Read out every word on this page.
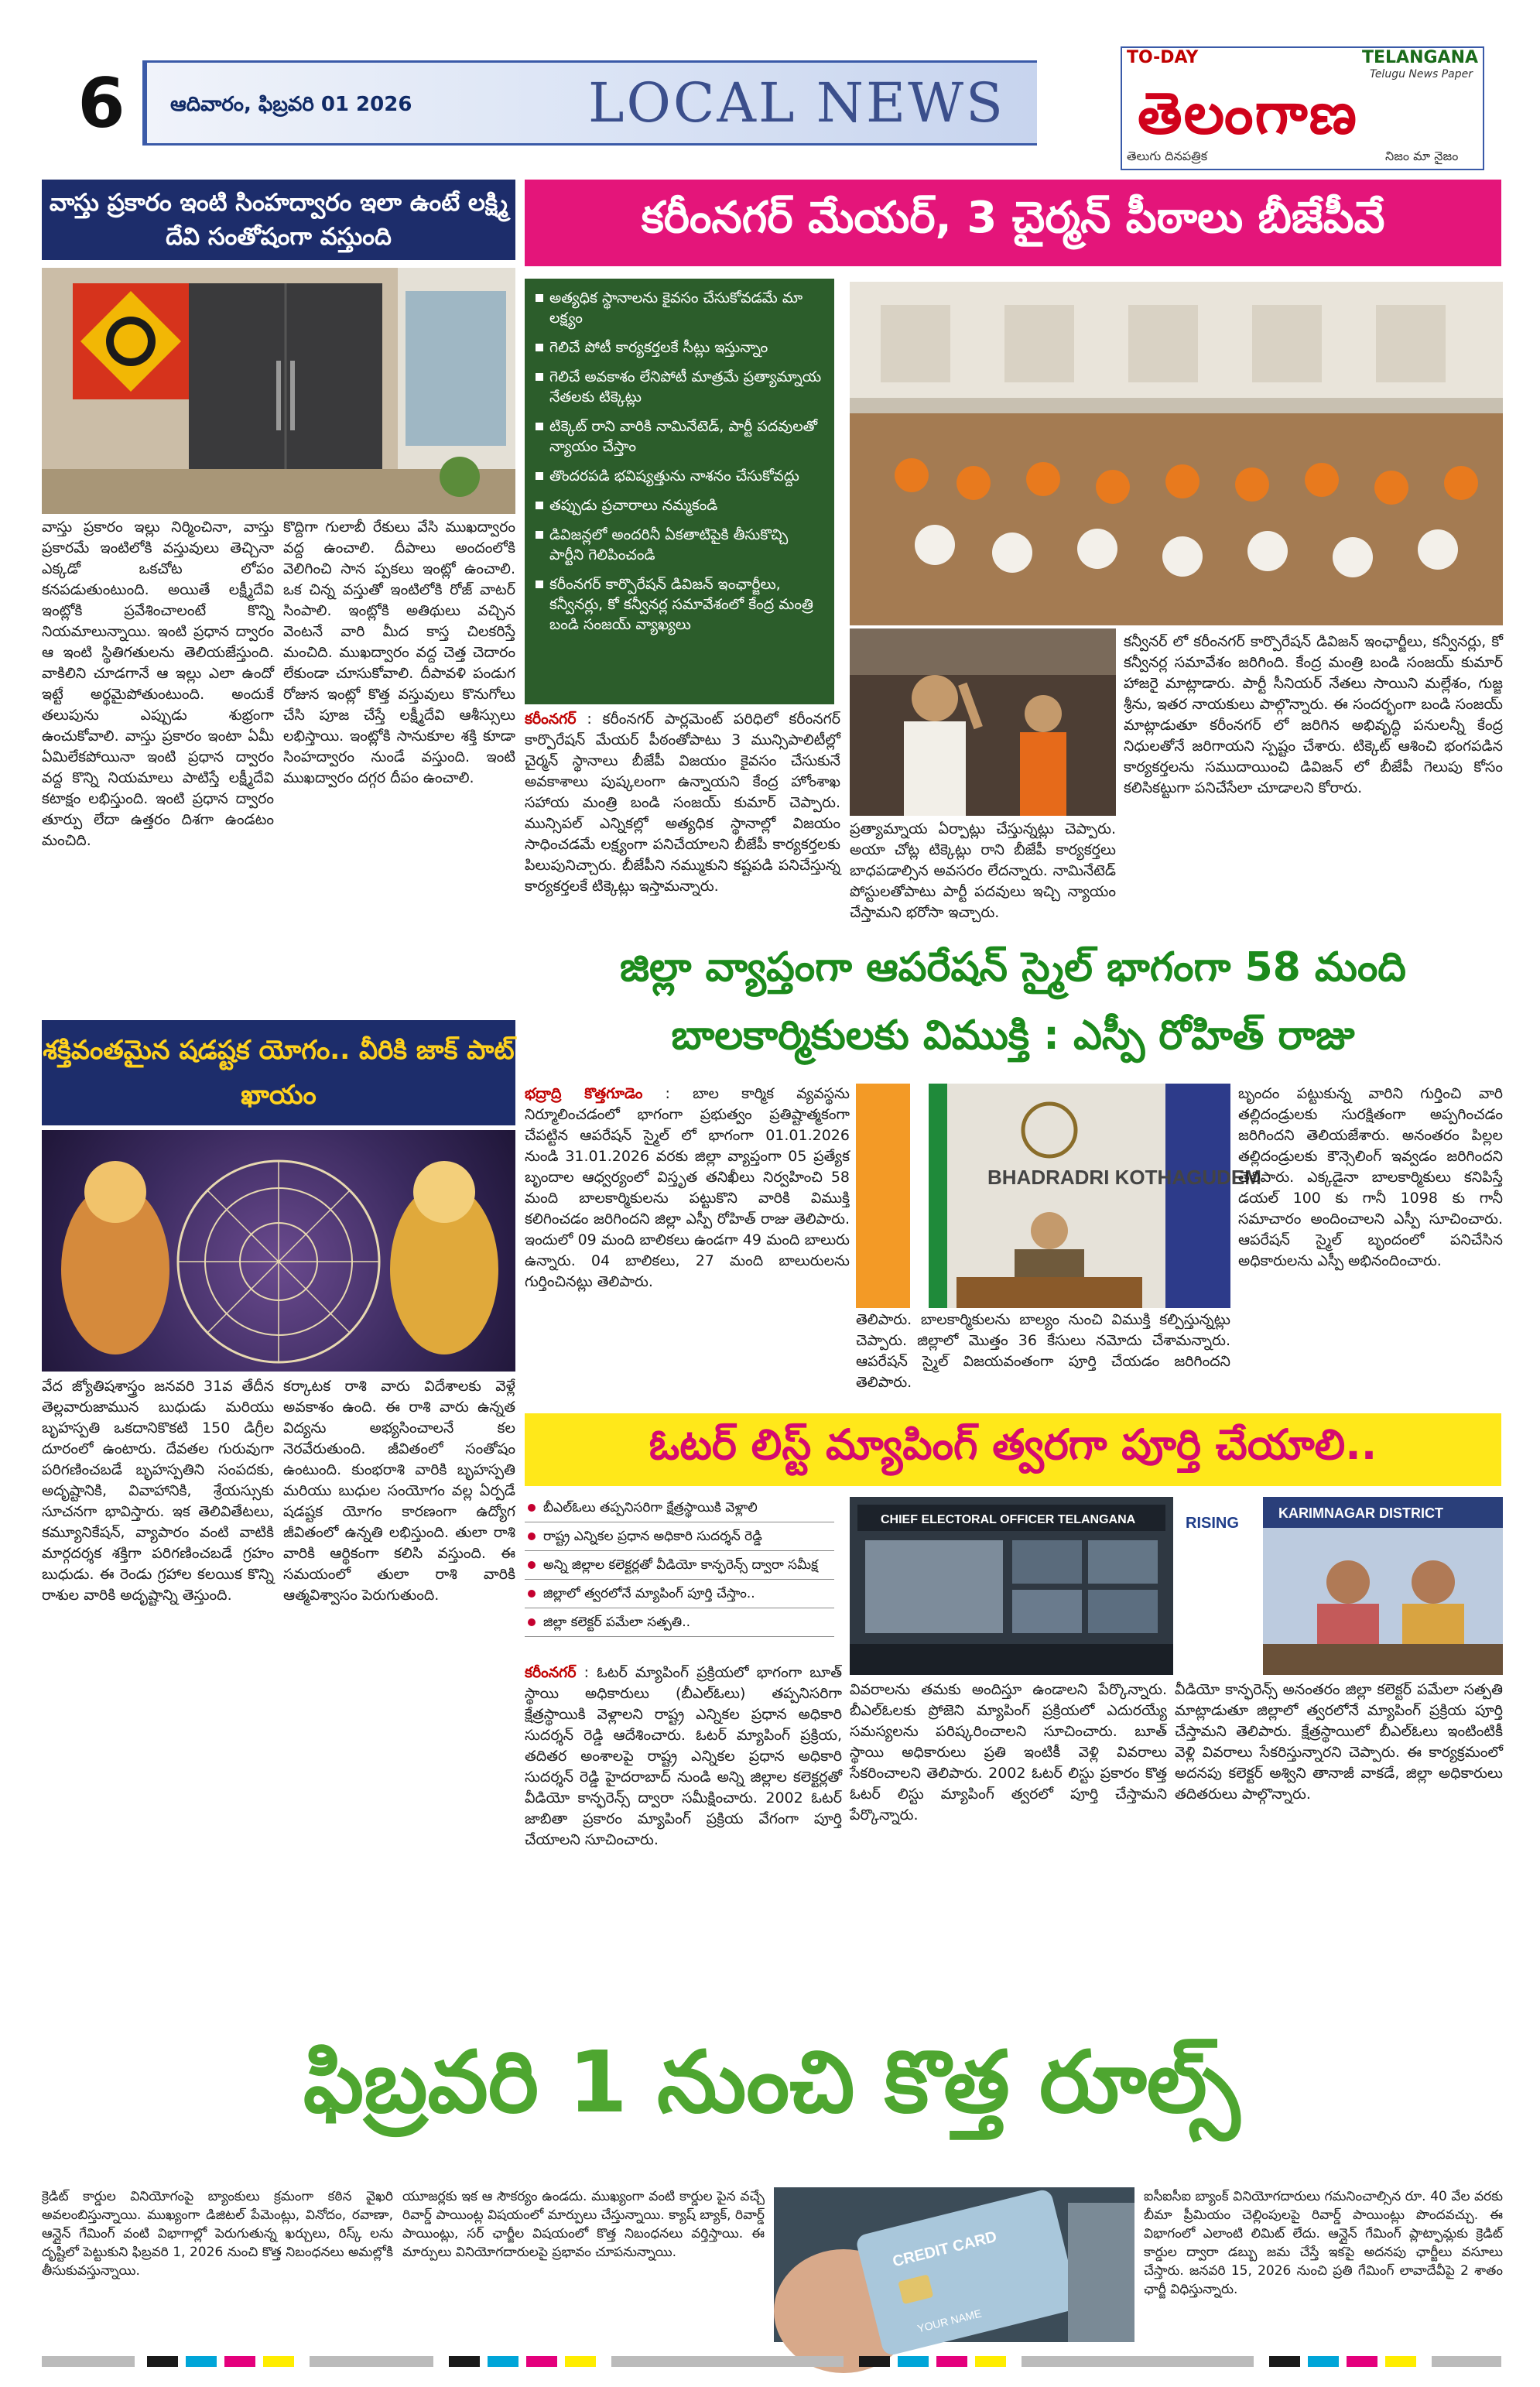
6	ఆదివారం, ఫిబ్రవరి 01 2026	LOCAL NEWS
TO-DAY	TELANGANA
Telugu News Paper
తెలంగాణ
తెలుగు దినపత్రిక	నిజం మా నైజం
వాస్తు ప్రకారం ఇంటి సింహద్వారం ఇలా ఉంటే లక్ష్మి దేవి సంతోషంగా వస్తుంది
వాస్తు ప్రకారం ఇల్లు నిర్మించినా, వాస్తు ప్రకారమే ఇంటిలోకి వస్తువులు తెచ్చినా ఎక్కడో ఒకచోట లోపం కనపడుతుంటుంది. అయితే లక్ష్మీదేవి ఇంట్లోకి ప్రవేశించాలంటే కొన్ని నియమాలున్నాయి. ఇంటి ప్రధాన ద్వారం ఆ ఇంటి స్థితిగతులను తెలియజేస్తుంది. వాకిలిని చూడగానే ఆ ఇల్లు ఎలా ఉందో ఇట్టే అర్థమైపోతుంటుంది. అందుకే తలుపును ఎప్పుడు శుభ్రంగా ఉంచుకోవాలి. వాస్తు ప్రకారం ఇంటా ఏమీ ఏమిలేకపోయినా ఇంటి ప్రధాన ద్వారం వద్ద కొన్ని నియమాలు పాటిస్తే లక్ష్మీదేవి కటాక్షం లభిస్తుంది. ఇంటి ప్రధాన ద్వారం తూర్పు లేదా ఉత్తరం దిశగా ఉండటం మంచిది.
కొద్దిగా గులాబీ రేకులు వేసి ముఖద్వారం వద్ద ఉంచాలి. దీపాలు అందంలోకి వెలిగించి సాన ప్పకలు ఇంట్లో ఉంచాలి. ఒక చిన్న వస్తుతో ఇంటిలోకి రోజ్ వాటర్ సింపాలి. ఇంట్లోకి అతిథులు వచ్చిన వెంటనే వారి మీద కాస్త చిలకరిస్తే మంచిది. ముఖద్వారం వద్ద చెత్త చెదారం లేకుండా చూసుకోవాలి. దీపావళి పండుగ రోజున ఇంట్లో కొత్త వస్తువులు కొనుగోలు చేసి పూజ చేస్తే లక్ష్మీదేవి ఆశీస్సులు లభిస్తాయి. ఇంట్లోకి సానుకూల శక్తి కూడా సింహద్వారం నుండే వస్తుంది. ఇంటి ముఖద్వారం దగ్గర దీపం ఉంచాలి.
శక్తివంతమైన షడష్టక యోగం.. వీరికి జాక్ పాట్ ఖాయం
వేద జ్యోతిషశాస్త్రం జనవరి 31వ తేదీన తెల్లవారుజామున బుధుడు మరియు బృహస్పతి ఒకదానికొకటి 150 డిగ్రీల దూరంలో ఉంటారు. దేవతల గురువుగా పరిగణించబడే బృహస్పతిని సంపదకు, అదృష్టానికి, వివాహానికి, శ్రేయస్సుకు సూచనగా భావిస్తారు. ఇక తెలివితేటలు, కమ్యూనికేషన్, వ్యాపారం వంటి వాటికి మార్గదర్శక శక్తిగా పరిగణించబడే గ్రహం బుధుడు. ఈ రెండు గ్రహాల కలయిక కొన్ని రాశుల వారికి అదృష్టాన్ని తెస్తుంది.
కర్కాటక రాశి వారు విదేశాలకు వెళ్లే అవకాశం ఉంది. ఈ రాశి వారు ఉన్నత విద్యను అభ్యసించాలనే కల నెరవేరుతుంది. జీవితంలో సంతోషం ఉంటుంది. కుంభరాశి వారికి బృహస్పతి మరియు బుధుల సంయోగం వల్ల ఏర్పడే షడష్టక యోగం కారణంగా ఉద్యోగ జీవితంలో ఉన్నతి లభిస్తుంది. తులా రాశి వారికి ఆర్థికంగా కలిసి వస్తుంది. ఈ సమయంలో తులా రాశి వారికి ఆత్మవిశ్వాసం పెరుగుతుంది.
కరీంనగర్ మేయర్, 3 చైర్మన్ పీఠాలు బీజేపీవే
అత్యధిక స్థానాలను కైవసం చేసుకోవడమే మా లక్ష్యం
గెలిచే పోటీ కార్యకర్తలకే సీట్లు ఇస్తున్నాం
గెలిచే అవకాశం లేనిపోటీ మాత్రమే ప్రత్యామ్నాయ నేతలకు టిక్కెట్లు
టిక్కెట్ రాని వారికి నామినేటెడ్, పార్టీ పదవులతో న్యాయం చేస్తాం
తొందరపడి భవిష్యత్తును నాశనం చేసుకోవద్దు
తప్పుడు ప్రచారాలు నమ్మకండి
డివిజన్లలో అందరినీ ఏకతాటిపైకి తీసుకొచ్చి పార్టీని గెలిపించండి
కరీంనగర్ కార్పొరేషన్ డివిజన్ ఇంఛార్జీలు, కన్వీనర్లు, కో కన్వీనర్ల సమావేశంలో కేంద్ర మంత్రి బండి సంజయ్ వ్యాఖ్యలు
కరీంనగర్ : కరీంనగర్ పార్లమెంట్ పరిధిలో కరీంనగర్ కార్పొరేషన్ మేయర్ పీఠంతోపాటు 3 మున్సిపాలిటీల్లో చైర్మన్ స్థానాలు బీజేపీ విజయం కైవసం చేసుకునే అవకాశాలు పుష్కలంగా ఉన్నాయని కేంద్ర హోంశాఖ సహాయ మంత్రి బండి సంజయ్ కుమార్ చెప్పారు. మున్సిపల్ ఎన్నికల్లో అత్యధిక స్థానాల్లో విజయం సాధించడమే లక్ష్యంగా పనిచేయాలని బీజేపీ కార్యకర్తలకు పిలుపునిచ్చారు. బీజేపీని నమ్ముకుని కష్టపడి పనిచేస్తున్న కార్యకర్తలకే టిక్కెట్లు ఇస్తామన్నారు.
ప్రత్యామ్నాయ ఏర్పాట్లు చేస్తున్నట్లు చెప్పారు. అయా చోట్ల టిక్కెట్లు రాని బీజేపీ కార్యకర్తలు బాధపడాల్సిన అవసరం లేదన్నారు. నామినేటెడ్ పోస్టులతోపాటు పార్టీ పదవులు ఇచ్చి న్యాయం చేస్తామని భరోసా ఇచ్చారు.
కన్వీనర్ లో కరీంనగర్ కార్పొరేషన్ డివిజన్ ఇంఛార్జీలు, కన్వీనర్లు, కో కన్వీనర్ల సమావేశం జరిగింది. కేంద్ర మంత్రి బండి సంజయ్ కుమార్ హాజరై మాట్లాడారు. పార్టీ సీనియర్ నేతలు సాయిని మల్లేశం, గుజ్జ శ్రీను, ఇతర నాయకులు పాల్గొన్నారు. ఈ సందర్భంగా బండి సంజయ్ మాట్లాడుతూ కరీంనగర్ లో జరిగిన అభివృద్ధి పనులన్నీ కేంద్ర నిధులతోనే జరిగాయని స్పష్టం చేశారు. టిక్కెట్ ఆశించి భంగపడిన కార్యకర్తలను సముదాయించి డివిజన్ లో బీజేపీ గెలుపు కోసం కలిసికట్టుగా పనిచేసేలా చూడాలని కోరారు.
జిల్లా వ్యాప్తంగా ఆపరేషన్ స్మైల్ భాగంగా 58 మంది బాలకార్మికులకు విముక్తి : ఎస్పీ రోహిత్ రాజు
భద్రాద్రి కొత్తగూడెం : బాల కార్మిక వ్యవస్థను నిర్మూలించడంలో భాగంగా ప్రభుత్వం ప్రతిష్టాత్మకంగా చేపట్టిన ఆపరేషన్ స్మైల్ లో భాగంగా 01.01.2026 నుండి 31.01.2026 వరకు జిల్లా వ్యాప్తంగా 05 ప్రత్యేక బృందాల ఆధ్వర్యంలో విస్తృత తనిఖీలు నిర్వహించి 58 మంది బాలకార్మికులను పట్టుకొని వారికి విముక్తి కలిగించడం జరిగిందని జిల్లా ఎస్పీ రోహిత్ రాజు తెలిపారు. ఇందులో 09 మంది బాలికలు ఉండగా 49 మంది బాలురు ఉన్నారు. 04 బాలికలు, 27 మంది బాలురులను గుర్తించినట్లు తెలిపారు.
BHADRADRI KOTHAGUDEM
తెలిపారు. బాలకార్మికులను బాల్యం నుంచి విముక్తి కల్పిస్తున్నట్లు చెప్పారు. జిల్లాలో మొత్తం 36 కేసులు నమోదు చేశామన్నారు. ఆపరేషన్ స్మైల్ విజయవంతంగా పూర్తి చేయడం జరిగిందని తెలిపారు.
బృందం పట్టుకున్న వారిని గుర్తించి వారి తల్లిదండ్రులకు సురక్షితంగా అప్పగించడం జరిగిందని తెలియజేశారు. అనంతరం పిల్లల తల్లిదండ్రులకు కౌన్సెలింగ్ ఇవ్వడం జరిగిందని తెలిపారు. ఎక్కడైనా బాలకార్మికులు కనిపిస్తే డయల్ 100 కు గానీ 1098 కు గానీ సమాచారం అందించాలని ఎస్పీ సూచించారు. ఆపరేషన్ స్మైల్ బృందంలో పనిచేసిన అధికారులను ఎస్పీ అభినందించారు.
ఓటర్ లిస్ట్ మ్యాపింగ్ త్వరగా పూర్తి చేయాలి..
బీఎల్ఓలు తప్పనిసరిగా క్షేత్రస్థాయికి వెళ్లాలి
రాష్ట్ర ఎన్నికల ప్రధాన అధికారి సుదర్శన్ రెడ్డి
అన్ని జిల్లాల కలెక్టర్లతో వీడియో కాన్ఫరెన్స్ ద్వారా సమీక్ష
జిల్లాలో త్వరలోనే మ్యాపింగ్ పూర్తి చేస్తాం..
జిల్లా కలెక్టర్ పమేలా సత్పతి..
CHIEF ELECTORAL OFFICER TELANGANA	RISING
KARIMNAGAR DISTRICT
కరీంనగర్ : ఓటర్ మ్యాపింగ్ ప్రక్రియలో భాగంగా బూత్ స్థాయి అధికారులు (బీఎల్ఓలు) తప్పనిసరిగా క్షేత్రస్థాయికి వెళ్లాలని రాష్ట్ర ఎన్నికల ప్రధాన అధికారి సుదర్శన్ రెడ్డి ఆదేశించారు. ఓటర్ మ్యాపింగ్ ప్రక్రియ, తదితర అంశాలపై రాష్ట్ర ఎన్నికల ప్రధాన అధికారి సుదర్శన్ రెడ్డి హైదరాబాద్ నుండి అన్ని జిల్లాల కలెక్టర్లతో వీడియో కాన్ఫరెన్స్ ద్వారా సమీక్షించారు. 2002 ఓటర్ జాబితా ప్రకారం మ్యాపింగ్ ప్రక్రియ వేగంగా పూర్తి చేయాలని సూచించారు.
వివరాలను తమకు అందిస్తూ ఉండాలని పేర్కొన్నారు. బీఎల్ఓలకు ప్రోజెని మ్యాపింగ్ ప్రక్రియలో ఎదురయ్యే సమస్యలను పరిష్కరించాలని సూచించారు. బూత్ స్థాయి అధికారులు ప్రతి ఇంటికీ వెళ్లి వివరాలు సేకరించాలని తెలిపారు. 2002 ఓటర్ లిస్టు ప్రకారం కొత్త ఓటర్ లిస్టు మ్యాపింగ్ త్వరలో పూర్తి చేస్తామని పేర్కొన్నారు.
వీడియో కాన్ఫరెన్స్ అనంతరం జిల్లా కలెక్టర్ పమేలా సత్పతి మాట్లాడుతూ జిల్లాలో త్వరలోనే మ్యాపింగ్ ప్రక్రియ పూర్తి చేస్తామని తెలిపారు. క్షేత్రస్థాయిలో బీఎల్ఓలు ఇంటింటికీ వెళ్లి వివరాలు సేకరిస్తున్నారని చెప్పారు. ఈ కార్యక్రమంలో అదనపు కలెక్టర్ అశ్విని తానాజీ వాకడే, జిల్లా అధికారులు తదితరులు పాల్గొన్నారు.
ఫిబ్రవరి 1 నుంచి కొత్త రూల్స్
క్రెడిట్ కార్డుల వినియోగంపై బ్యాంకులు క్రమంగా కఠిన వైఖరి అవలంబిస్తున్నాయి. ముఖ్యంగా డిజిటల్ పేమెంట్లు, వినోదం, రవాణా, ఆన్లైన్ గేమింగ్ వంటి విభాగాల్లో పెరుగుతున్న ఖర్చులు, రిస్క్ లను దృష్టిలో పెట్టుకుని ఫిబ్రవరి 1, 2026 నుంచి కొత్త నిబంధనలు అమల్లోకి తీసుకువస్తున్నాయి.
యూజర్లకు ఇక ఆ సౌకర్యం ఉండదు. ముఖ్యంగా వంటి కార్డుల పైన వచ్చే రివార్డ్ పాయింట్ల విషయంలో మార్పులు చేస్తున్నాయి. క్యాష్ బ్యాక్, రివార్డ్ పాయింట్లు, సర్ ఛార్జీల విషయంలో కొత్త నిబంధనలు వర్తిస్తాయి. ఈ మార్పులు వినియోగదారులపై ప్రభావం చూపనున్నాయి.	CREDIT CARD
YOUR NAME
ఐసీఐసీఐ బ్యాంక్ వినియోగదారులు గమనించాల్సిన రూ. 40 వేల వరకు బీమా ప్రీమియం చెల్లింపులపై రివార్డ్ పాయింట్లు పొందవచ్చు. ఈ విభాగంలో ఎలాంటి లిమిట్ లేదు. ఆన్లైన్ గేమింగ్ ప్లాట్ఫామ్లకు క్రెడిట్ కార్డుల ద్వారా డబ్బు జమ చేస్తే ఇకపై అదనపు ఛార్జీలు వసూలు చేస్తారు. జనవరి 15, 2026 నుంచి ప్రతి గేమింగ్ లావాదేవీపై 2 శాతం ఛార్జీ విధిస్తున్నారు.
